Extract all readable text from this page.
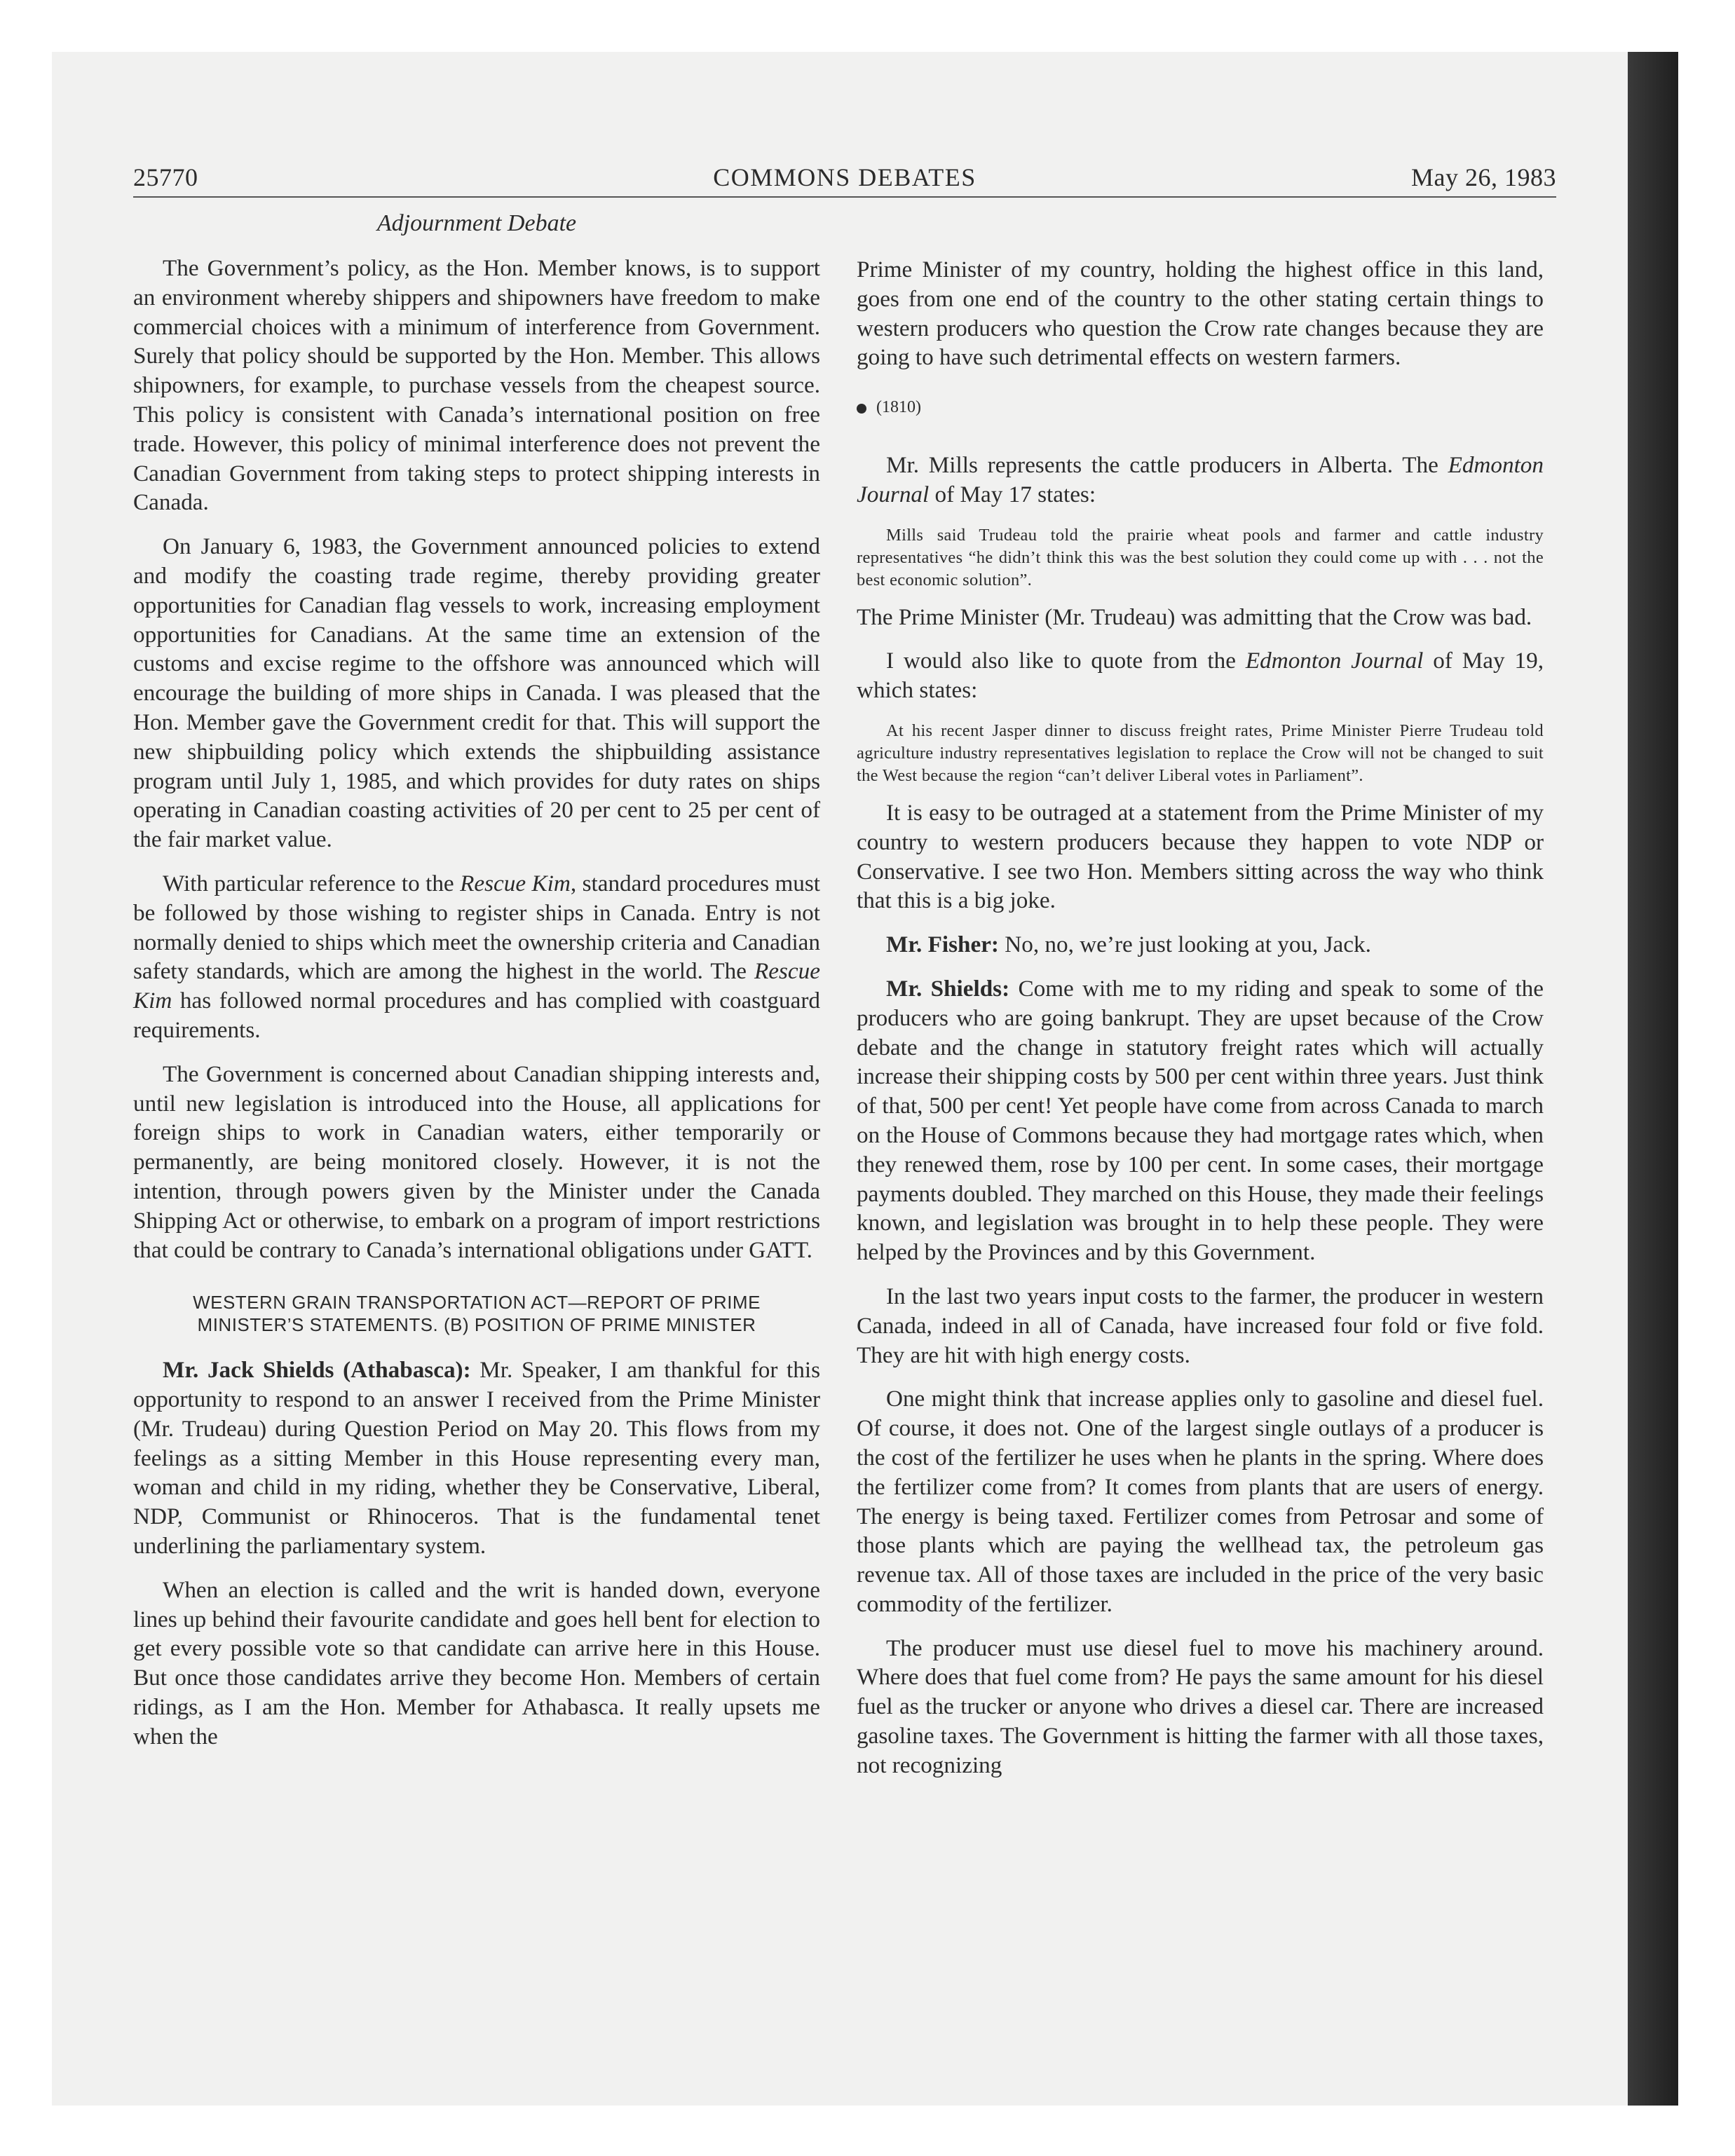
25770	COMMONS DEBATES	May 26, 1983
Adjournment Debate

The Government’s policy, as the Hon. Member knows, is to support an environment whereby shippers and shipowners have freedom to make commercial choices with a minimum of interference from Government. Surely that policy should be supported by the Hon. Member. This allows shipowners, for example, to purchase vessels from the cheapest source. This policy is consistent with Canada’s international position on free trade. However, this policy of minimal interference does not prevent the Canadian Government from taking steps to protect shipping interests in Canada.

On January 6, 1983, the Government announced policies to extend and modify the coasting trade regime, thereby providing greater opportunities for Canadian flag vessels to work, increasing employment opportunities for Canadians. At the same time an extension of the customs and excise regime to the offshore was announced which will encourage the building of more ships in Canada. I was pleased that the Hon. Member gave the Government credit for that. This will support the new shipbuilding policy which extends the shipbuilding assistance program until July 1, 1985, and which provides for duty rates on ships operating in Canadian coasting activities of 20 per cent to 25 per cent of the fair market value.

With particular reference to the Rescue Kim, standard procedures must be followed by those wishing to register ships in Canada. Entry is not normally denied to ships which meet the ownership criteria and Canadian safety standards, which are among the highest in the world. The Rescue Kim has followed normal procedures and has complied with coastguard requirements.

The Government is concerned about Canadian shipping interests and, until new legislation is introduced into the House, all applications for foreign ships to work in Canadian waters, either temporarily or permanently, are being monitored closely. However, it is not the intention, through powers given by the Minister under the Canada Shipping Act or otherwise, to embark on a program of import restrictions that could be contrary to Canada’s international obligations under GATT.

WESTERN GRAIN TRANSPORTATION ACT—REPORT OF PRIME
MINISTER’S STATEMENTS. (B) POSITION OF PRIME MINISTER

Mr. Jack Shields (Athabasca): Mr. Speaker, I am thankful for this opportunity to respond to an answer I received from the Prime Minister (Mr. Trudeau) during Question Period on May 20. This flows from my feelings as a sitting Member in this House representing every man, woman and child in my riding, whether they be Conservative, Liberal, NDP, Communist or Rhinoceros. That is the fundamental tenet underlining the parliamentary system.

When an election is called and the writ is handed down, everyone lines up behind their favourite candidate and goes hell bent for election to get every possible vote so that candidate can arrive here in this House. But once those candidates arrive they become Hon. Members of certain ridings, as I am the Hon. Member for Athabasca. It really upsets me when the

Prime Minister of my country, holding the highest office in this land, goes from one end of the country to the other stating certain things to western producers who question the Crow rate changes because they are going to have such detrimental effects on western farmers.

(1810)

Mr. Mills represents the cattle producers in Alberta. The Edmonton Journal of May 17 states:

Mills said Trudeau told the prairie wheat pools and farmer and cattle industry representatives “he didn’t think this was the best solution they could come up with . . . not the best economic solution”.

The Prime Minister (Mr. Trudeau) was admitting that the Crow was bad.

I would also like to quote from the Edmonton Journal of May 19, which states:

At his recent Jasper dinner to discuss freight rates, Prime Minister Pierre Trudeau told agriculture industry representatives legislation to replace the Crow will not be changed to suit the West because the region “can’t deliver Liberal votes in Parliament”.

It is easy to be outraged at a statement from the Prime Minister of my country to western producers because they happen to vote NDP or Conservative. I see two Hon. Members sitting across the way who think that this is a big joke.

Mr. Fisher: No, no, we’re just looking at you, Jack.

Mr. Shields: Come with me to my riding and speak to some of the producers who are going bankrupt. They are upset because of the Crow debate and the change in statutory freight rates which will actually increase their shipping costs by 500 per cent within three years. Just think of that, 500 per cent! Yet people have come from across Canada to march on the House of Commons because they had mortgage rates which, when they renewed them, rose by 100 per cent. In some cases, their mortgage payments doubled. They marched on this House, they made their feelings known, and legislation was brought in to help these people. They were helped by the Provinces and by this Government.

In the last two years input costs to the farmer, the producer in western Canada, indeed in all of Canada, have increased four fold or five fold. They are hit with high energy costs.

One might think that increase applies only to gasoline and diesel fuel. Of course, it does not. One of the largest single outlays of a producer is the cost of the fertilizer he uses when he plants in the spring. Where does the fertilizer come from? It comes from plants that are users of energy. The energy is being taxed. Fertilizer comes from Petrosar and some of those plants which are paying the wellhead tax, the petroleum gas revenue tax. All of those taxes are included in the price of the very basic commodity of the fertilizer.

The producer must use diesel fuel to move his machinery around. Where does that fuel come from? He pays the same amount for his diesel fuel as the trucker or anyone who drives a diesel car. There are increased gasoline taxes. The Government is hitting the farmer with all those taxes, not recognizing
